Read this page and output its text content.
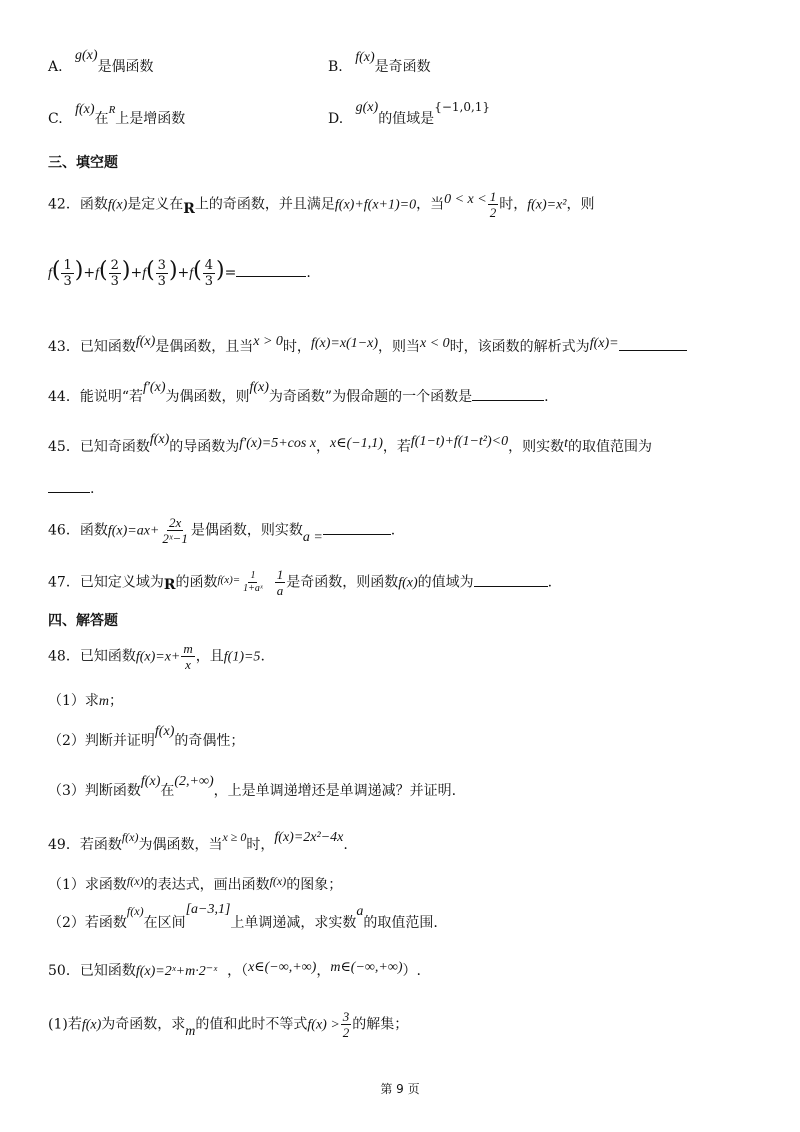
A. g(x)是偶函数	B. f(x)是奇函数
C. f(x)在$^R$上是增函数	D. g(x)的值域是{−1,0,1}
三、填空题
42．函数f(x)是定义在R上的奇函数，并且满足f(x)+f(x+1)=0，当$0 < x < \frac{1}{2}$ 时，f(x)=x²，则
$f( \frac{1}{3} )+f( \frac{2}{3} )+f( \frac{3}{3} )+f( \frac{4}{3}$ )=	.
43．已知函数f(x)是偶函数，且当x > 0时，f(x)=x(1−x)，则当x < 0时，该函数的解析式为f(x)=
44．能说明“若f′(x)为偶函数，则f(x)为奇函数”为假命题的一个函数是	.
45．已知奇函数f(x)的导函数为f′(x)=5+cos x，x∈(−1,1)，若f(1−t)+f(1−t²)<0，则实数t的取值范围为
.
46．函数$f(x)=ax+ \frac{2x}{\text{2ˣ−1}}$ 是偶函数，则实数a =	.
47．已知定义域为R的函数$^{f(x)=} \frac{1}{\text{1+aˣ}} \frac{1}{a}$ 是奇函数，则函数f(x)的值域为	.
四、解答题
48．已知函数$f(x)=x+ \frac{m}{x}$ ，且f(1)=5.
（1）求m；
（2）判断并证明f(x)的奇偶性；
（3）判断函数f(x)在(2,+∞)，上是单调递增还是单调递减？并证明.
49．若函数f(x)为偶函数，当x ≥ 0时，f(x)=2x²−4x.
（1）求函数f(x)的表达式，画出函数f(x)的图象；
（2）若函数f(x)在区间[a−3,1]上单调递减，求实数a的取值范围.
50．已知函数f(x)=2ˣ+m·2⁻ˣ ，（x∈(−∞,+∞)，m∈(−∞,+∞)）.
(1)若f(x)为奇函数，求m的值和此时不等式$f(x) > \frac{3}{2}$ 的解集；
第 9 页
